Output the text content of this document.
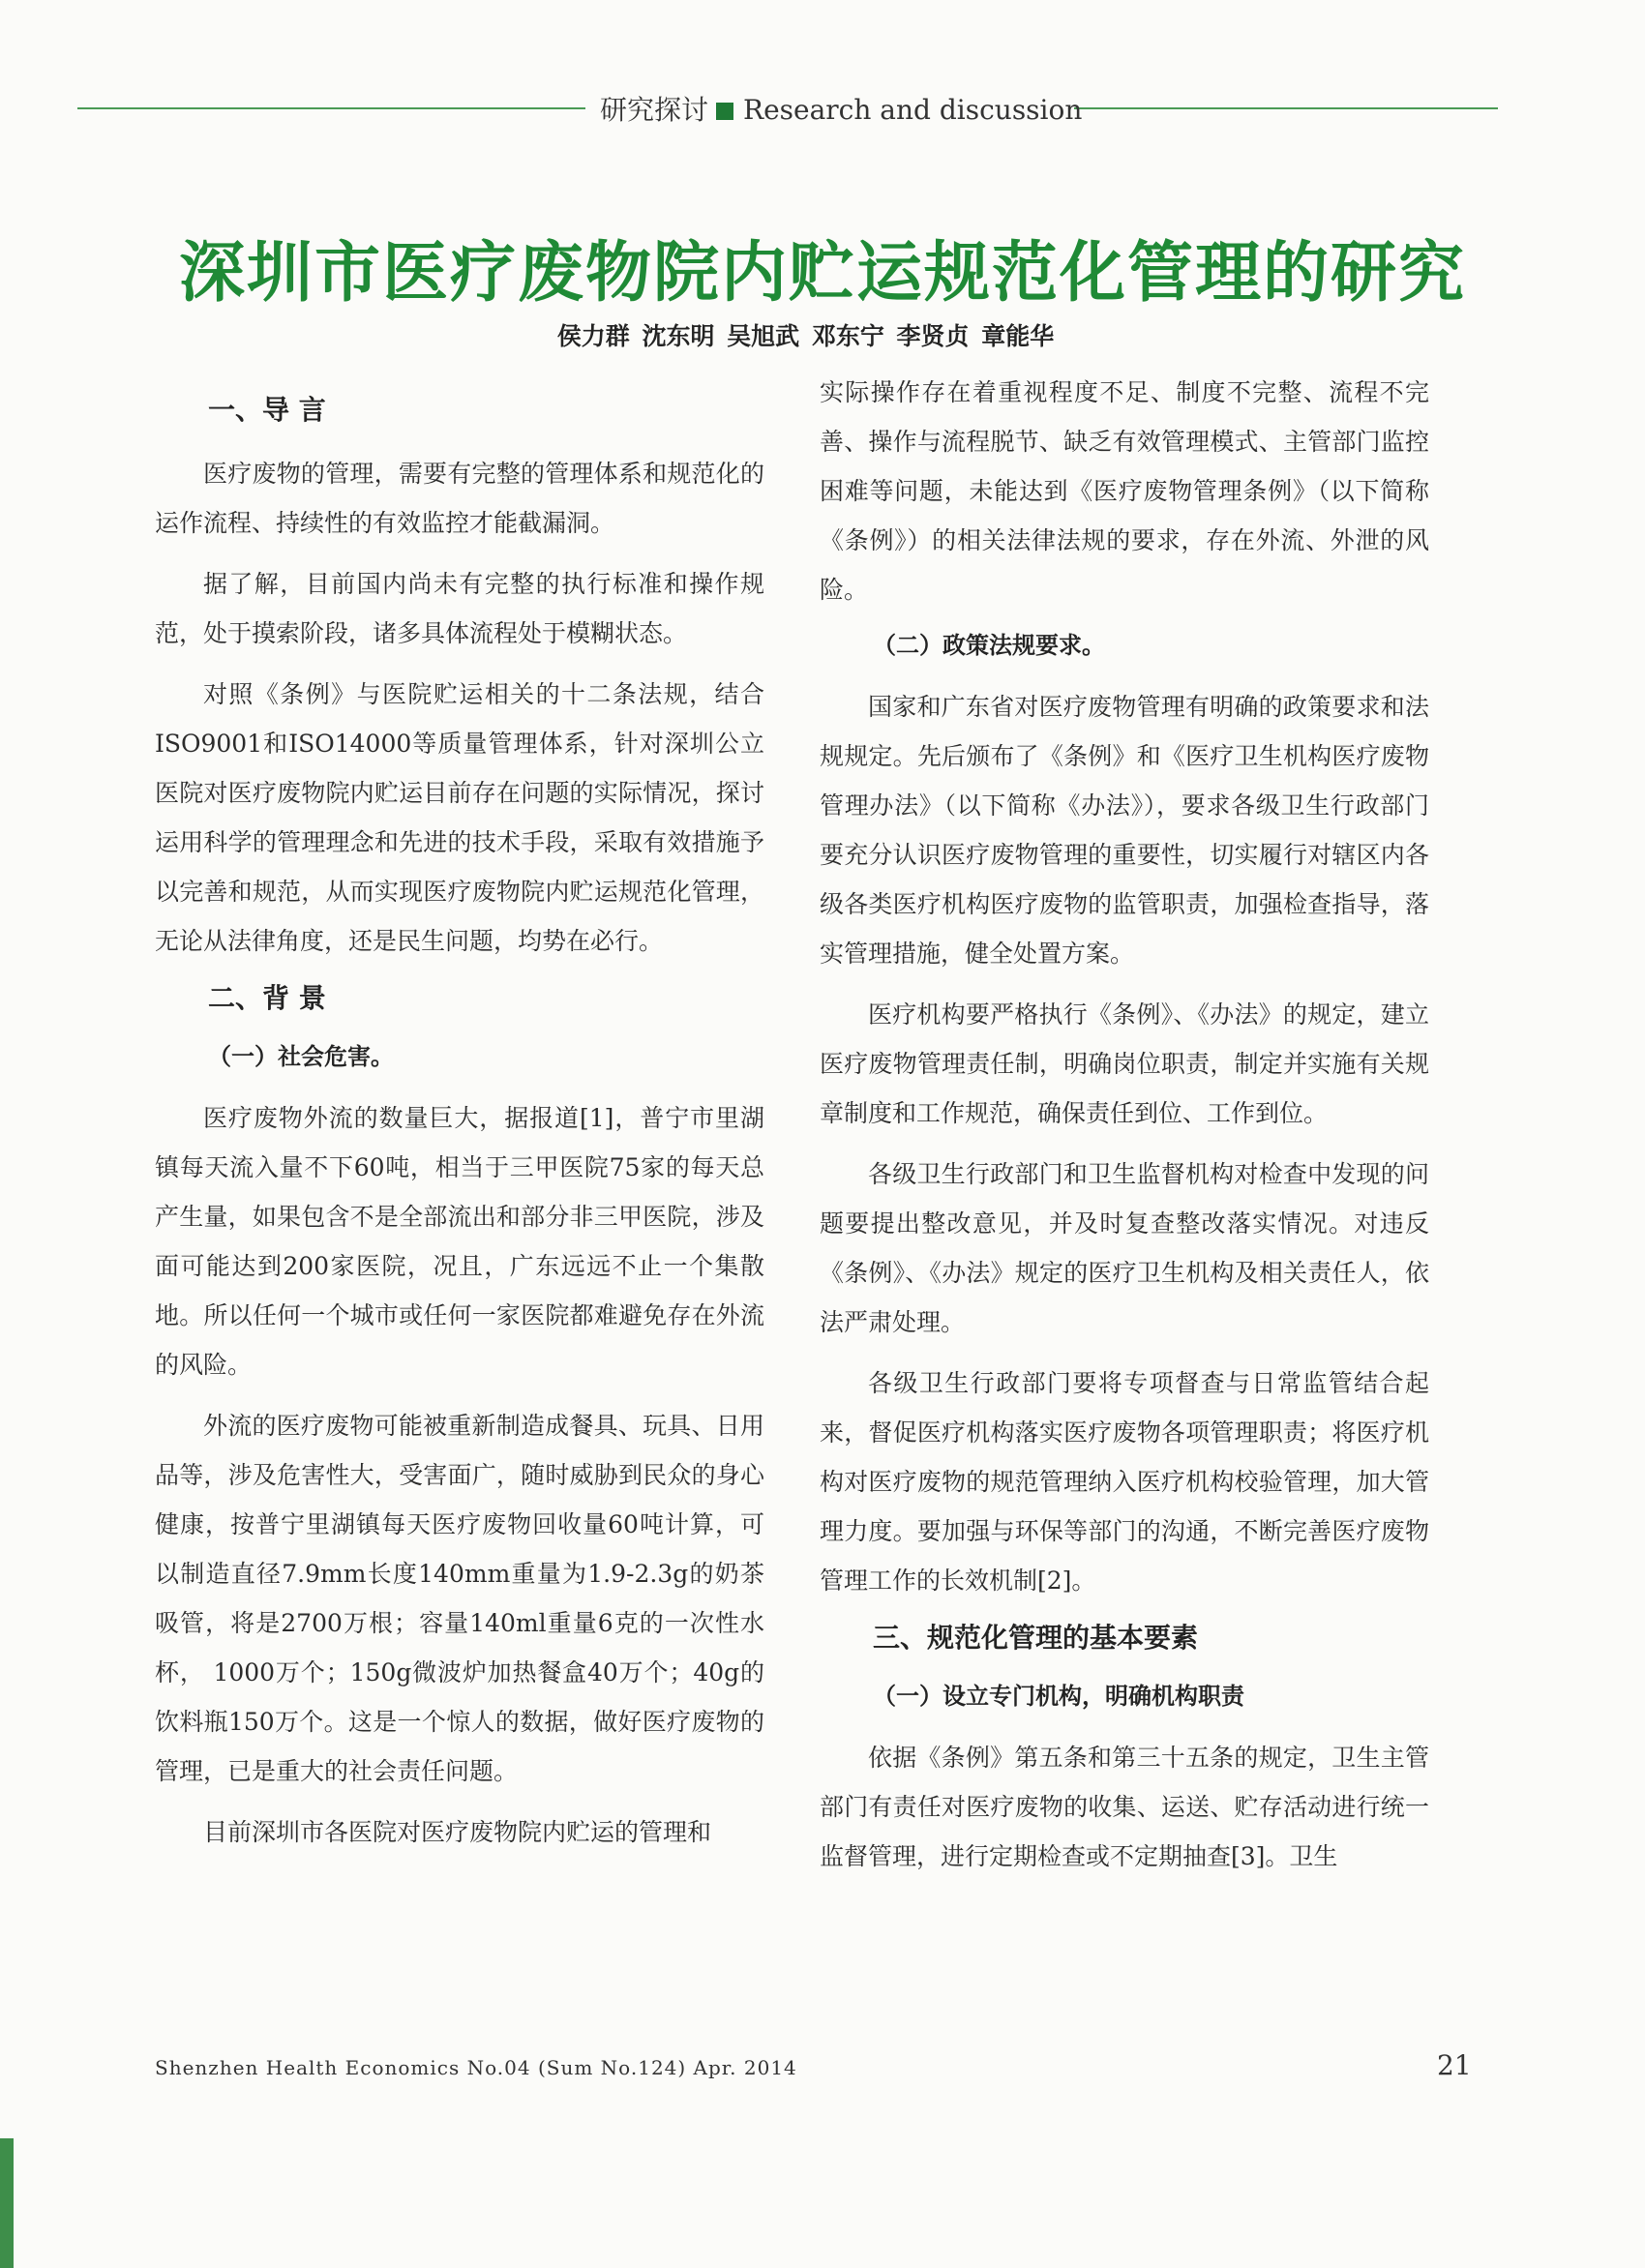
研究探讨 Research and discussion
深圳市医疗废物院内贮运规范化管理的研究
侯力群 沈东明 吴旭武 邓东宁 李贤贞 章能华
一、导 言

医疗废物的管理，需要有完整的管理体系和规范化的运作流程、持续性的有效监控才能截漏洞。

据了解，目前国内尚未有完整的执行标准和操作规范，处于摸索阶段，诸多具体流程处于模糊状态。

对照《条例》与医院贮运相关的十二条法规，结合ISO9001和ISO14000等质量管理体系，针对深圳公立医院对医疗废物院内贮运目前存在问题的实际情况，探讨运用科学的管理理念和先进的技术手段，采取有效措施予以完善和规范，从而实现医疗废物院内贮运规范化管理，无论从法律角度，还是民生问题，均势在必行。

二、背 景
（一）社会危害。

医疗废物外流的数量巨大，据报道[1]，普宁市里湖镇每天流入量不下60吨，相当于三甲医院75家的每天总产生量，如果包含不是全部流出和部分非三甲医院，涉及面可能达到200家医院，况且，广东远远不止一个集散地。所以任何一个城市或任何一家医院都难避免存在外流的风险。

外流的医疗废物可能被重新制造成餐具、玩具、日用品等，涉及危害性大，受害面广，随时威胁到民众的身心健康，按普宁里湖镇每天医疗废物回收量60吨计算，可以制造直径7.9mm长度140mm重量为1.9-2.3g的奶茶吸管，将是2700万根；容量140ml重量6克的一次性水杯， 1000万个；150g微波炉加热餐盒40万个；40g的饮料瓶150万个。这是一个惊人的数据，做好医疗废物的管理，已是重大的社会责任问题。

目前深圳市各医院对医疗废物院内贮运的管理和

实际操作存在着重视程度不足、制度不完整、流程不完善、操作与流程脱节、缺乏有效管理模式、主管部门监控困难等问题，未能达到《医疗废物管理条例》（以下简称《条例》）的相关法律法规的要求，存在外流、外泄的风险。

（二）政策法规要求。

国家和广东省对医疗废物管理有明确的政策要求和法规规定。先后颁布了《条例》和《医疗卫生机构医疗废物管理办法》（以下简称《办法》），要求各级卫生行政部门要充分认识医疗废物管理的重要性，切实履行对辖区内各级各类医疗机构医疗废物的监管职责，加强检查指导，落实管理措施，健全处置方案。

医疗机构要严格执行《条例》、《办法》的规定，建立医疗废物管理责任制，明确岗位职责，制定并实施有关规章制度和工作规范，确保责任到位、工作到位。

各级卫生行政部门和卫生监督机构对检查中发现的问题要提出整改意见，并及时复查整改落实情况。对违反《条例》、《办法》规定的医疗卫生机构及相关责任人，依法严肃处理。

各级卫生行政部门要将专项督查与日常监管结合起来，督促医疗机构落实医疗废物各项管理职责；将医疗机构对医疗废物的规范管理纳入医疗机构校验管理，加大管理力度。要加强与环保等部门的沟通，不断完善医疗废物管理工作的长效机制[2]。

三、规范化管理的基本要素
（一）设立专门机构，明确机构职责

依据《条例》第五条和第三十五条的规定，卫生主管部门有责任对医疗废物的收集、运送、贮存活动进行统一监督管理，进行定期检查或不定期抽查[3]。卫生

Shenzhen Health Economics No.04 (Sum No.124) Apr. 2014	21
